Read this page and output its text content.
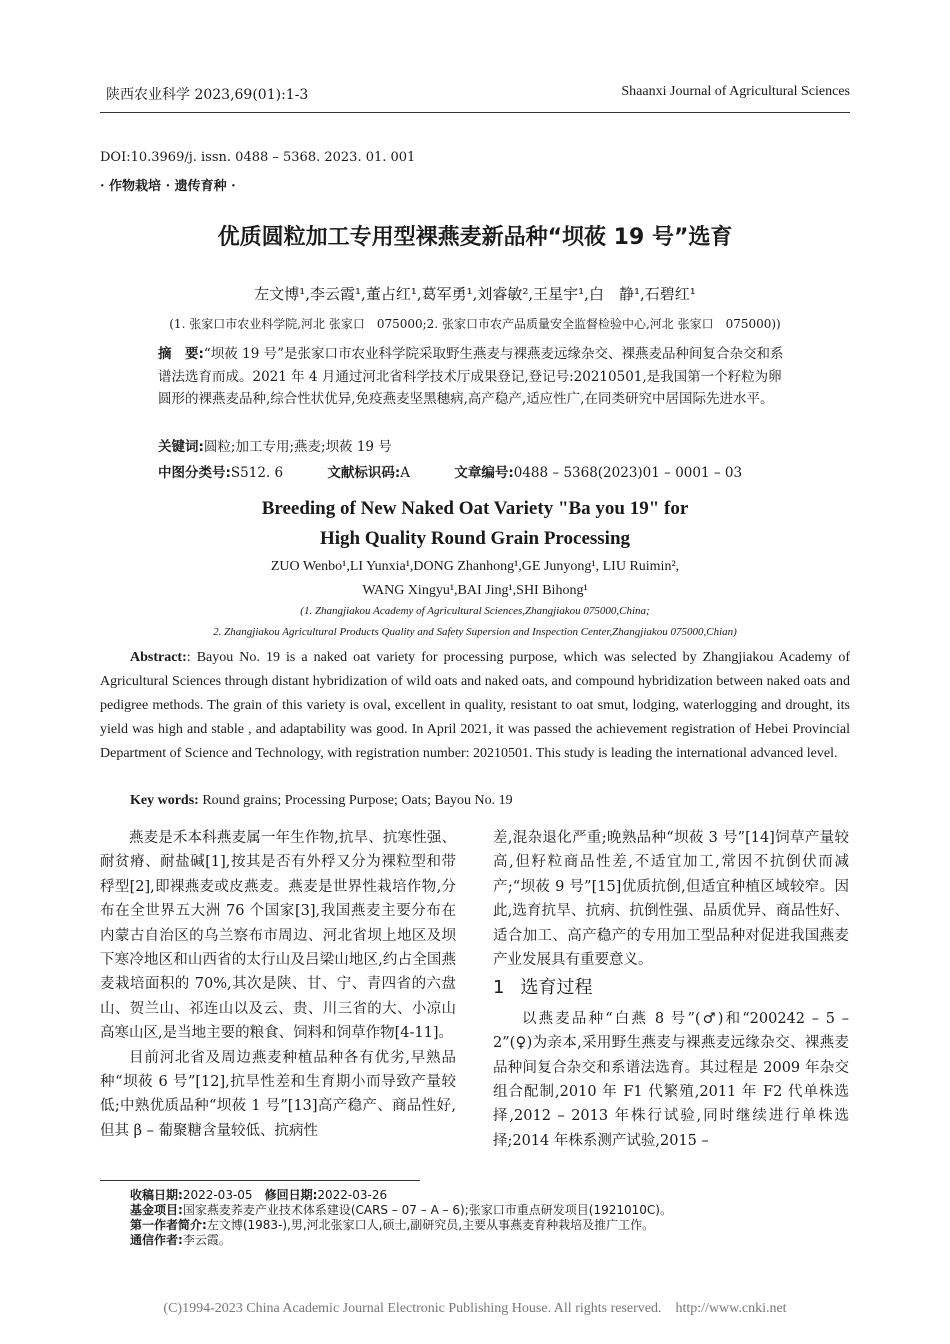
陕西农业科学 2023,69(01):1-3	Shaanxi Journal of Agricultural Sciences
DOI:10.3969/j. issn. 0488 – 5368. 2023. 01. 001
· 作物栽培 · 遗传育种 ·
优质圆粒加工专用型裸燕麦新品种“坝莜 19 号”选育
左文博¹,李云霞¹,董占红¹,葛军勇¹,刘睿敏²,王星宇¹,白　静¹,石碧红¹
(1. 张家口市农业科学院,河北 张家口　075000;2. 张家口市农产品质量安全监督检验中心,河北 张家口　075000))
摘　要:“坝莜 19 号”是张家口市农业科学院采取野生燕麦与裸燕麦远缘杂交、裸燕麦品种间复合杂交和系谱法选育而成。2021 年 4 月通过河北省科学技术厅成果登记,登记号:20210501,是我国第一个籽粒为卵圆形的裸燕麦品种,综合性状优异,免疫燕麦坚黑穗病,高产稳产,适应性广,在同类研究中居国际先进水平。
关键词:圆粒;加工专用;燕麦;坝莜 19 号
中图分类号:S512. 6	文献标识码:A	文章编号:0488 – 5368(2023)01 – 0001 – 03
Breeding of New Naked Oat Variety "Ba you 19" for
High Quality Round Grain Processing
ZUO Wenbo¹,LI Yunxia¹,DONG Zhanhong¹,GE Junyong¹, LIU Ruimin²,
WANG Xingyu¹,BAI Jing¹,SHI Bihong¹
(1. Zhangjiakou Academy of Agricultural Sciences,Zhangjiakou 075000,China;
2. Zhangjiakou Agricultural Products Quality and Safety Supersion and Inspection Center,Zhangjiakou 075000,Chian)

Abstract:: Bayou No. 19 is a naked oat variety for processing purpose, which was selected by Zhangjiakou Academy of Agricultural Sciences through distant hybridization of wild oats and naked oats, and compound hybridization between naked oats and pedigree methods. The grain of this variety is oval, excellent in quality, resistant to oat smut, lodging, waterlogging and drought, its yield was high and stable , and adaptability was good. In April 2021, it was passed the achievement registration of Hebei Provincial Department of Science and Technology, with registration number: 20210501. This study is leading the international advanced level.

Key words: Round grains; Processing Purpose; Oats; Bayou No. 19

燕麦是禾本科燕麦属一年生作物,抗旱、抗寒性强、耐贫瘠、耐盐碱[1],按其是否有外稃又分为裸粒型和带稃型[2],即裸燕麦或皮燕麦。燕麦是世界性栽培作物,分布在全世界五大洲 76 个国家[3],我国燕麦主要分布在内蒙古自治区的乌兰察布市周边、河北省坝上地区及坝下寒冷地区和山西省的太行山及吕梁山地区,约占全国燕麦栽培面积的 70%,其次是陕、甘、宁、青四省的六盘山、贺兰山、祁连山以及云、贵、川三省的大、小凉山高寒山区,是当地主要的粮食、饲料和饲草作物[4-11]。

目前河北省及周边燕麦种植品种各有优劣,早熟品种“坝莜 6 号”[12],抗旱性差和生育期小而导致产量较低;中熟优质品种“坝莜 1 号”[13]高产稳产、商品性好,但其 β – 葡聚糖含量较低、抗病性

差,混杂退化严重;晚熟品种“坝莜 3 号”[14]饲草产量较高,但籽粒商品性差,不适宜加工,常因不抗倒伏而减产;“坝莜 9 号”[15]优质抗倒,但适宜种植区域较窄。因此,选育抗旱、抗病、抗倒性强、品质优异、商品性好、适合加工、高产稳产的专用加工型品种对促进我国燕麦产业发展具有重要意义。

1 选育过程

以燕麦品种“白燕 8 号”(♂)和“200242 – 5 – 2”(♀)为亲本,采用野生燕麦与裸燕麦远缘杂交、裸燕麦品种间复合杂交和系谱法选育。其过程是 2009 年杂交组合配制,2010 年 F1 代繁殖,2011 年 F2 代单株选择,2012 – 2013 年株行试验,同时继续进行单株选择;2014 年株系测产试验,2015 –

收稿日期:2022-03-05　 修回日期:2022-03-26
基金项目:国家燕麦荞麦产业技术体系建设(CARS – 07 – A – 6);张家口市重点研发项目(1921010C)。
第一作者简介:左文博(1983-),男,河北张家口人,硕士,副研究员,主要从事燕麦育种栽培及推广工作。
通信作者:李云霞。
(C)1994-2023 China Academic Journal Electronic Publishing House. All rights reserved.　http://www.cnki.net
